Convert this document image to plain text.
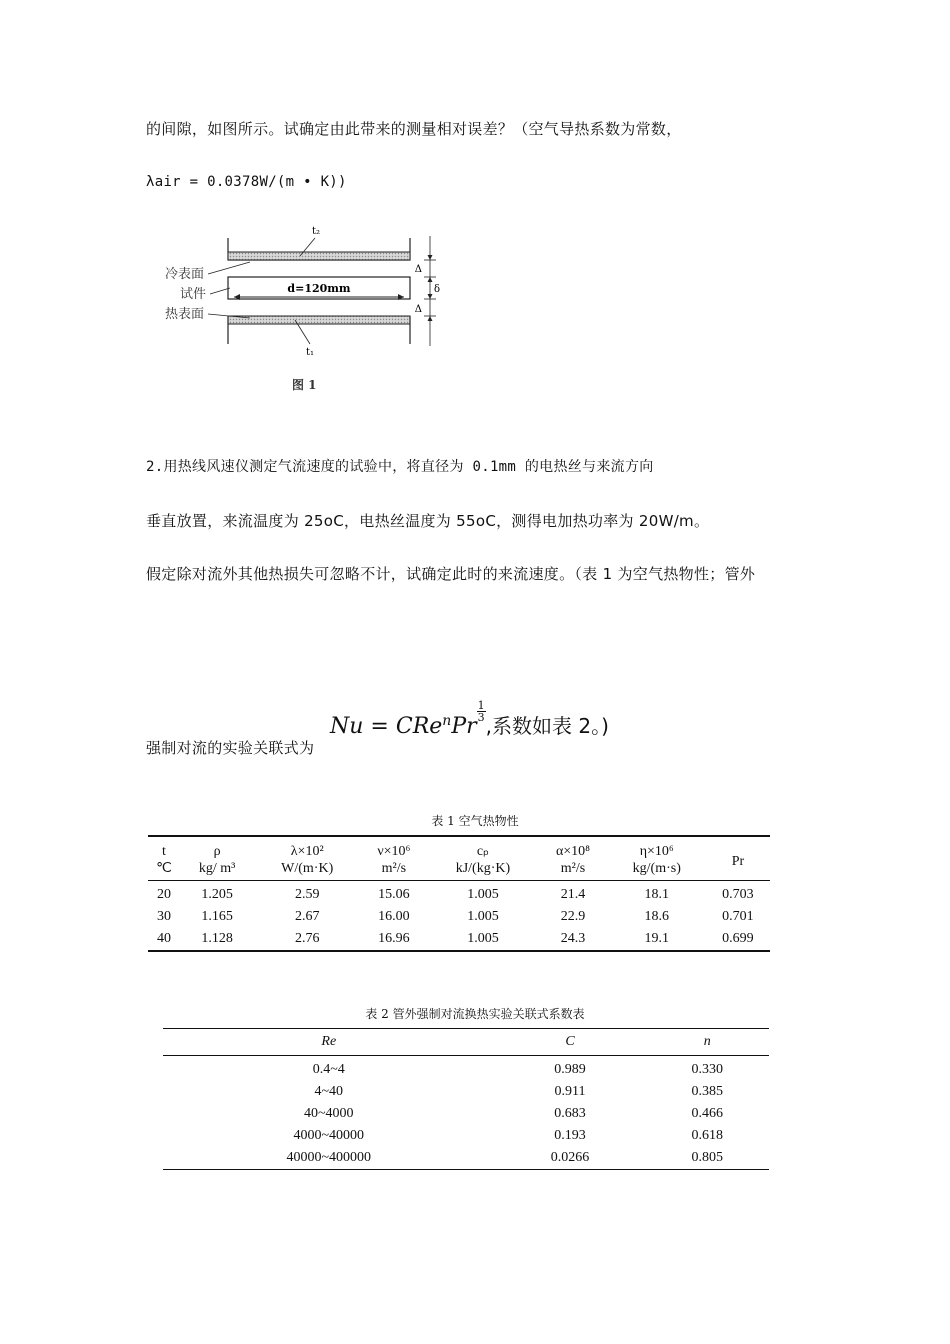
的间隙，如图所示。试确定由此带来的测量相对误差？（空气导热系数为常数，
λair = 0.0378W/(m • K))
d=120mm
t₂
t₁
冷表面
试件
热表面
Δ
δ
Δ
图 1
2.用热线风速仪测定气流速度的试验中，将直径为 0.1mm 的电热丝与来流方向
垂直放置，来流温度为 25oC，电热丝温度为 55oC，测得电加热功率为 20W/m。
假定除对流外其他热损失可忽略不计，试确定此时的来流速度。（表 1 为空气热物性；管外
Nu = CRe$^n$Pr
$\frac{1}{3}$
,系数如表 2。)
强制对流的实验关联式为
表 1 空气热物性
t	ρ	λ×10²	ν×10⁶	cₚ	α×10⁸	η×10⁶	Pr
℃	kg/ m³	W/(m·K)	m²/s	kJ/(kg·K)	m²/s	kg/(m·s)	
20	1.205	2.59	15.06	1.005	21.4	18.1	0.703
30	1.165	2.67	16.00	1.005	22.9	18.6	0.701
40	1.128	2.76	16.96	1.005	24.3	19.1	0.699
表 2 管外强制对流换热实验关联式系数表
Re	C	n
0.4~4	0.989	0.330
4~40	0.911	0.385
40~4000	0.683	0.466
4000~40000	0.193	0.618
40000~400000	0.0266	0.805
